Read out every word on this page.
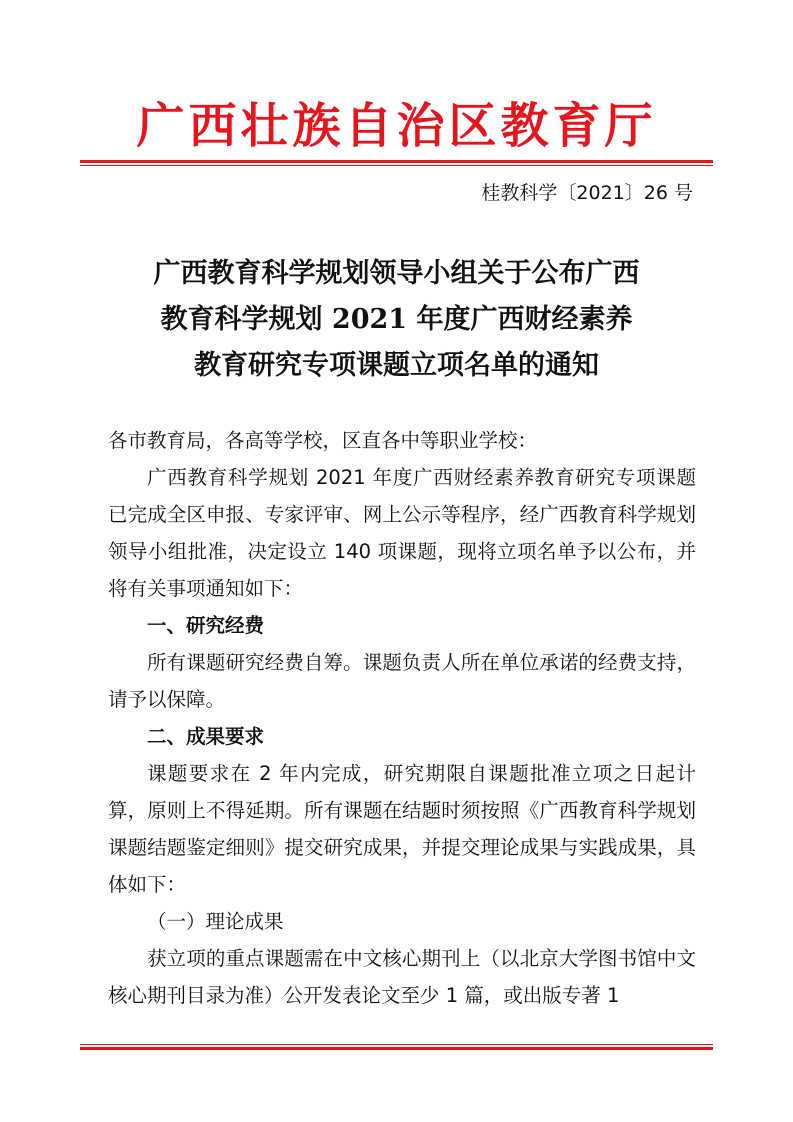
广西壮族自治区教育厅
桂教科学〔2021〕26 号
广西教育科学规划领导小组关于公布广西
教育科学规划 2021 年度广西财经素养
教育研究专项课题立项名单的通知

各市教育局，各高等学校，区直各中等职业学校：

广西教育科学规划 2021 年度广西财经素养教育研究专项课题已完成全区申报、专家评审、网上公示等程序，经广西教育科学规划领导小组批准，决定设立 140 项课题，现将立项名单予以公布，并将有关事项通知如下：

一、研究经费

所有课题研究经费自筹。课题负责人所在单位承诺的经费支持，请予以保障。

二、成果要求

课题要求在 2 年内完成，研究期限自课题批准立项之日起计算，原则上不得延期。所有课题在结题时须按照《广西教育科学规划课题结题鉴定细则》提交研究成果，并提交理论成果与实践成果，具体如下：

（一）理论成果

获立项的重点课题需在中文核心期刊上（以北京大学图书馆中文核心期刊目录为准）公开发表论文至少 1 篇，或出版专著 1
